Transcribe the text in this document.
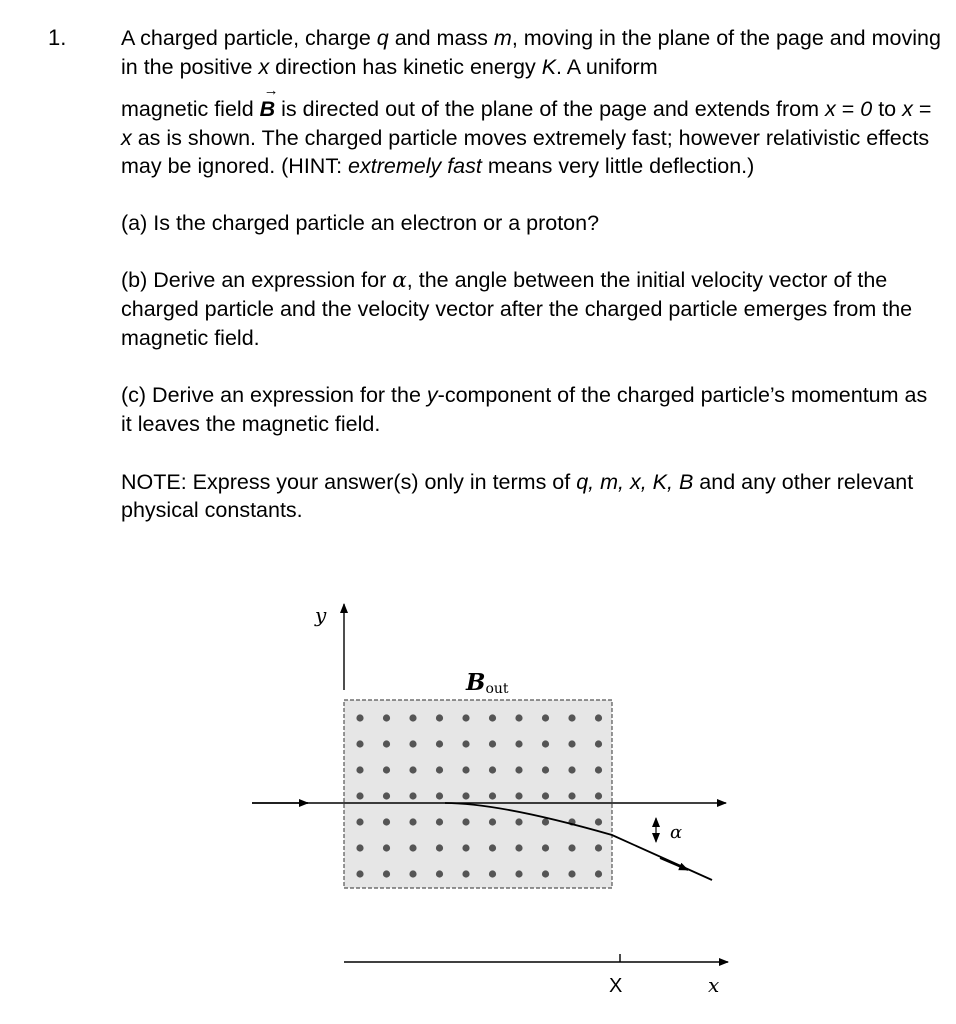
1.	A charged particle, charge q and mass m, moving in the plane of the page and moving in the positive x direction has kinetic energy K. A uniform

magnetic field
→
B is directed out of the plane of the page and extends from x = 0 to x = x as is shown. The charged particle moves extremely fast; however relativistic effects may be ignored. (HINT: extremely fast means very little deflection.)

(a) Is the charged particle an electron or a proton?

(b) Derive an expression for α, the angle between the initial velocity vector of the charged particle and the velocity vector after the charged particle emerges from the magnetic field.

(c) Derive an expression for the y-component of the charged particle’s momentum as it leaves the magnetic field.

NOTE: Express your answer(s) only in terms of q, m, x, K, B and any other relevant physical constants.

y
Bout
α
X	x
